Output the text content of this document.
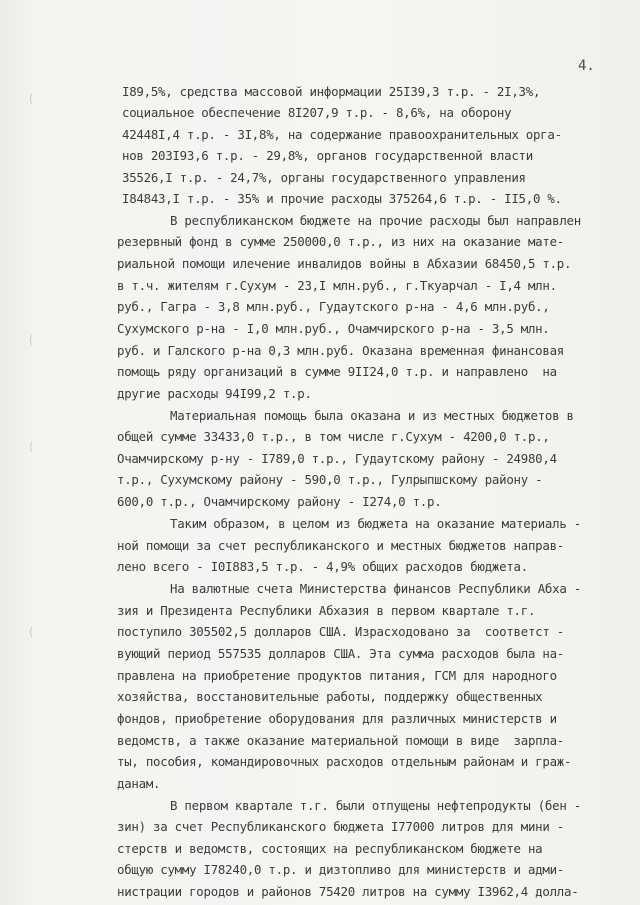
4.
I89,5%, средства массовой информации 25I39,3 т.р. - 2I,3%,
социальное обеспечение 8I207,9 т.р. - 8,6%, на оборону
42448I,4 т.р. - 3I,8%, на содержание правоохранительных орга-
нов 203I93,6 т.р. - 29,8%, органов государственной власти
35526,I т.р. - 24,7%, органы государственного управления
I84843,I т.р. - 35% и прочие расходы 375264,6 т.р. - II5,0 %.
В республиканском бюджете на прочие расходы был направлен
резервный фонд в сумме 250000,0 т.р., из них на оказание мате-
риальной помощи илечение инвалидов войны в Абхазии 68450,5 т.р.
в т.ч. жителям г.Сухум - 23,I млн.руб., г.Ткуарчал - I,4 млн.
руб., Гагра - 3,8 млн.руб., Гудаутского р-на - 4,6 млн.руб.,
Сухумского р-на - I,0 млн.руб., Очамчирского р-на - 3,5 млн.
руб. и Галского р-на 0,3 млн.руб. Оказана временная финансовая
помощь ряду организаций в сумме 9II24,0 т.р. и направлено  на
другие расходы 94I99,2 т.р.
Материальная помощь была оказана и из местных бюджетов в
общей сумме 33433,0 т.р., в том числе г.Сухум - 4200,0 т.р.,
Очамчирскому р-ну - I789,0 т.р., Гудаутскому району - 24980,4
т.р., Сухумскому району - 590,0 т.р., Гулрыпшскому району -
600,0 т.р., Очамчирскому району - I274,0 т.р.
Таким образом, в целом из бюджета на оказание материаль -
ной помощи за счет республиканского и местных бюджетов направ-
лено всего - I0I883,5 т.р. - 4,9% общих расходов бюджета.
На валютные счета Министерства финансов Республики Абха -
зия и Президента Республики Абхазия в первом квартале т.г.
поступило 305502,5 долларов США. Израсходовано за  соответст -
вующий период 557535 долларов США. Эта сумма расходов была на-
правлена на приобретение продуктов питания, ГСМ для народного
хозяйства, восстановительные работы, поддержку общественных
фондов, приобретение оборудования для различных министерств и
ведомств, а также оказание материальной помощи в виде  зарпла-
ты, пособия, командировочных расходов отдельным районам и граж-
данам.
В первом квартале т.г. были отпущены нефтепродукты (бен -
зин) за счет Республиканского бюджета I77000 литров для мини -
стерств и ведомств, состоящих на республиканском бюджете на
общую сумму I78240,0 т.р. и дизтопливо для министерств и адми-
нистрации городов и районов 75420 литров на сумму I3962,4 долла-
